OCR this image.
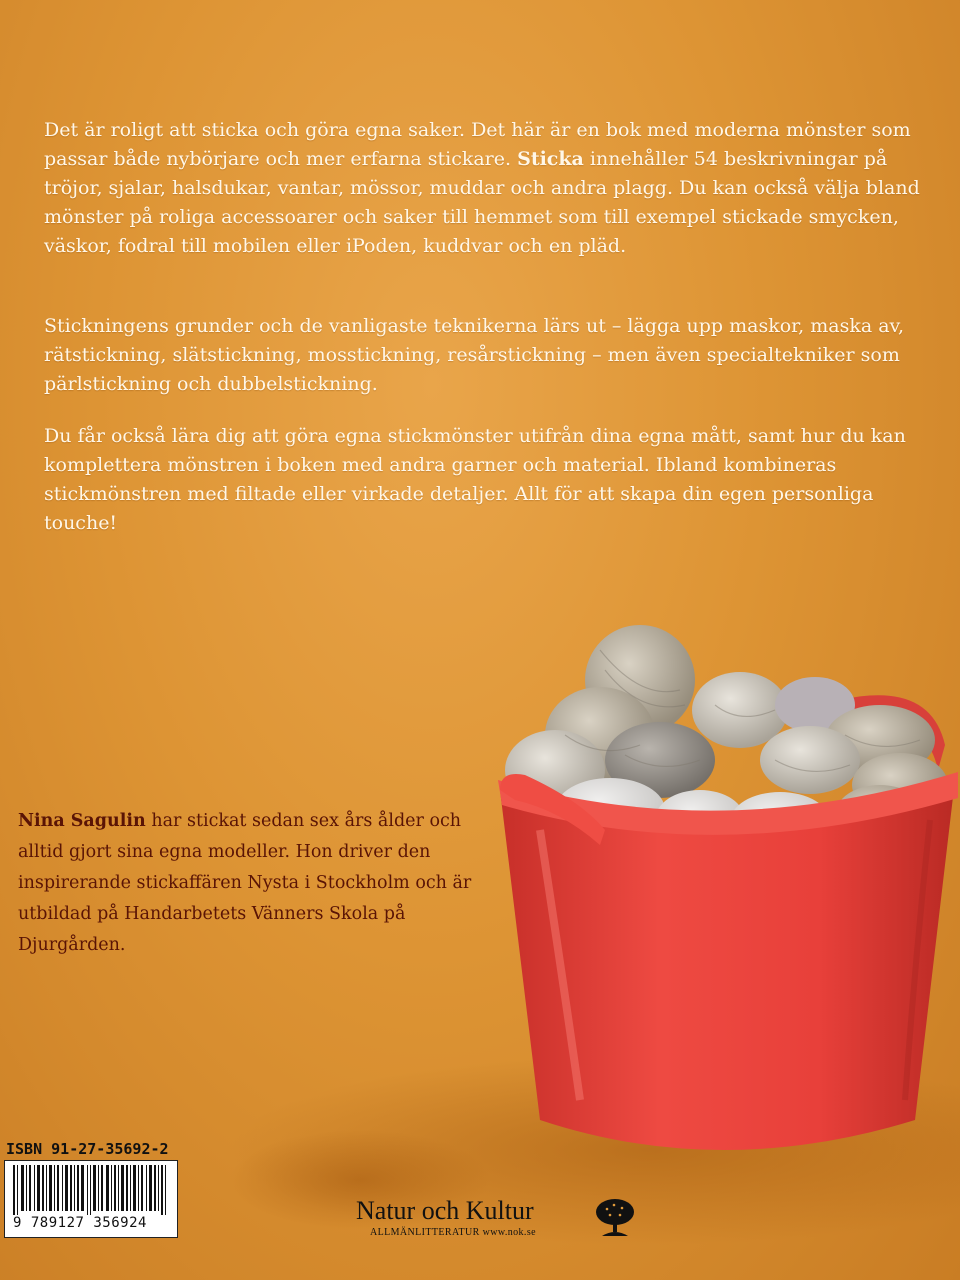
Det är roligt att sticka och göra egna saker. Det här är en bok med moderna mönster som passar både nybörjare och mer erfarna stickare. Sticka innehåller 54 beskrivningar på tröjor, sjalar, halsdukar, vantar, mössor, muddar och andra plagg. Du kan också välja bland mönster på roliga accessoarer och saker till hemmet som till exempel stickade smycken, väskor, fodral till mobilen eller iPoden, kuddvar och en pläd.

Stickningens grunder och de vanligaste teknikerna lärs ut – lägga upp maskor, maska av, rätstickning, slätstickning, mosstickning, resårstickning – men även specialtekniker som pärlstickning och dubbelstickning.

Du får också lära dig att göra egna stickmönster utifrån dina egna mått, samt hur du kan komplettera mönstren i boken med andra garner och material. Ibland kombineras stickmönstren med filtade eller virkade detaljer. Allt för att skapa din egen personliga touche!

Nina Sagulin har stickat sedan sex års ålder och alltid gjort sina egna modeller. Hon driver den inspirerande stickaffären Nysta i Stockholm och är utbildad på Handarbetets Vänners Skola på Djurgården.

ISBN 91-27-35692-2
9 789127 356924	Natur och Kultur
ALLMÄNLITTERATUR www.nok.se
